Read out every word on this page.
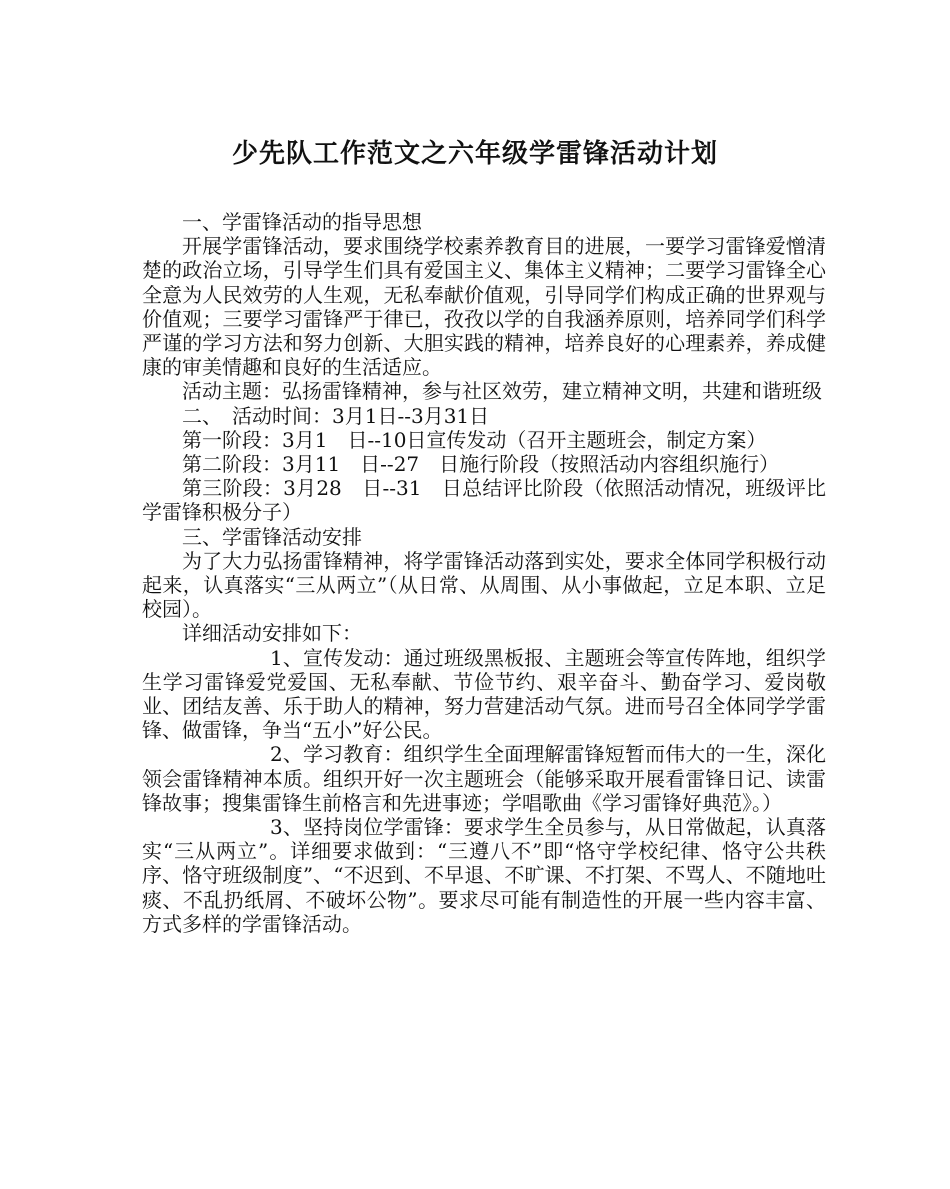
少先队工作范文之六年级学雷锋活动计划

一、学雷锋活动的指导思想

开展学雷锋活动，要求围绕学校素养教育目的进展，一要学习雷锋爱憎清楚的政治立场，引导学生们具有爱国主义、集体主义精神；二要学习雷锋全心全意为人民效劳的人生观，无私奉献价值观，引导同学们构成正确的世界观与价值观；三要学习雷锋严于律已，孜孜以学的自我涵养原则，培养同学们科学严谨的学习方法和努力创新、大胆实践的精神，培养良好的心理素养，养成健康的审美情趣和良好的生活适应。

活动主题：弘扬雷锋精神，参与社区效劳，建立精神文明，共建和谐班级

二、　活动时间：3月1日--3月31日

第一阶段：3月1　日--10日宣传发动（召开主题班会，制定方案）

第二阶段：3月11　日--27　日施行阶段（按照活动内容组织施行）

第三阶段：3月28　日--31　日总结评比阶段（依照活动情况，班级评比学雷锋积极分子）

三、学雷锋活动安排

为了大力弘扬雷锋精神，将学雷锋活动落到实处，要求全体同学积极行动起来，认真落实“三从两立”（从日常、从周围、从小事做起，立足本职、立足校园）。

详细活动安排如下：

1、宣传发动：通过班级黑板报、主题班会等宣传阵地，组织学生学习雷锋爱党爱国、无私奉献、节俭节约、艰辛奋斗、勤奋学习、爱岗敬业、团结友善、乐于助人的精神，努力营建活动气氛。进而号召全体同学学雷锋、做雷锋，争当“五小”好公民。

2、学习教育：组织学生全面理解雷锋短暂而伟大的一生，深化领会雷锋精神本质。组织开好一次主题班会（能够采取开展看雷锋日记、读雷锋故事；搜集雷锋生前格言和先进事迹；学唱歌曲《学习雷锋好典范》。）

3、坚持岗位学雷锋：要求学生全员参与，从日常做起，认真落实“三从两立”。详细要求做到：“三遵八不”即“恪守学校纪律、恪守公共秩序、恪守班级制度”、“不迟到、不早退、不旷课、不打架、不骂人、不随地吐痰、不乱扔纸屑、不破坏公物”。要求尽可能有制造性的开展一些内容丰富、方式多样的学雷锋活动。
